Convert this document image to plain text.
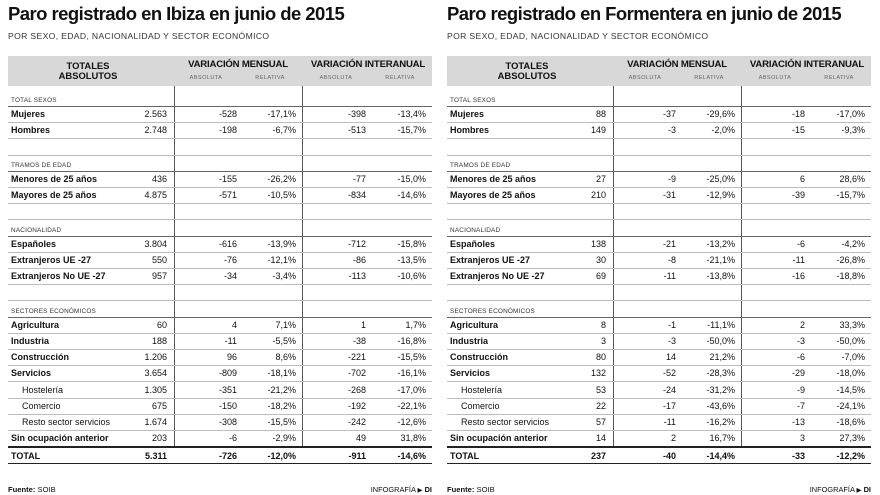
Paro registrado en Ibiza en junio de 2015
POR SEXO, EDAD, NACIONALIDAD Y SECTOR ECONÓMICO
TOTALES
ABSOLUTOS
VARIACIÓN MENSUAL
ABSOLUTA	RELATIVA
VARIACIÓN INTERANUAL
ABSOLUTA	RELATIVA
TOTAL SEXOS
Mujeres	2.563	-528	-17,1%	-398	-13,4%
Hombres	2.748	-198	-6,7%	-513	-15,7%
TRAMOS DE EDAD
Menores de 25 años	436	-155	-26,2%	-77	-15,0%
Mayores de 25 años	4.875	-571	-10,5%	-834	-14,6%
NACIONALIDAD
Españoles	3.804	-616	-13,9%	-712	-15,8%
Extranjeros UE -27	550	-76	-12,1%	-86	-13,5%
Extranjeros No UE -27	957	-34	-3,4%	-113	-10,6%
SECTORES ECONÓMICOS
Agricultura	60	4	7,1%	1	1,7%
Industria	188	-11	-5,5%	-38	-16,8%
Construcción	1.206	96	8,6%	-221	-15,5%
Servicios	3.654	-809	-18,1%	-702	-16,1%
Hostelería	1.305	-351	-21,2%	-268	-17,0%
Comercio	675	-150	-18,2%	-192	-22,1%
Resto sector servicios	1.674	-308	-15,5%	-242	-12,6%
Sin ocupación anterior	203	-6	-2,9%	49	31,8%
TOTAL	5.311	-726	-12,0%	-911	-14,6%
Fuente: SOIB	INFOGRAFÍA ▶ DI
Paro registrado en Formentera en junio de 2015
POR SEXO, EDAD, NACIONALIDAD Y SECTOR ECONÓMICO
TOTALES
ABSOLUTOS
VARIACIÓN MENSUAL
ABSOLUTA	RELATIVA
VARIACIÓN INTERANUAL
ABSOLUTA	RELATIVA
TOTAL SEXOS
Mujeres	88	-37	-29,6%	-18	-17,0%
Hombres	149	-3	-2,0%	-15	-9,3%
TRAMOS DE EDAD
Menores de 25 años	27	-9	-25,0%	6	28,6%
Mayores de 25 años	210	-31	-12,9%	-39	-15,7%
NACIONALIDAD
Españoles	138	-21	-13,2%	-6	-4,2%
Extranjeros UE -27	30	-8	-21,1%	-11	-26,8%
Extranjeros No UE -27	69	-11	-13,8%	-16	-18,8%
SECTORES ECONÓMICOS
Agricultura	8	-1	-11,1%	2	33,3%
Industria	3	-3	-50,0%	-3	-50,0%
Construcción	80	14	21,2%	-6	-7,0%
Servicios	132	-52	-28,3%	-29	-18,0%
Hostelería	53	-24	-31,2%	-9	-14,5%
Comercio	22	-17	-43,6%	-7	-24,1%
Resto sector servicios	57	-11	-16,2%	-13	-18,6%
Sin ocupación anterior	14	2	16,7%	3	27,3%
TOTAL	237	-40	-14,4%	-33	-12,2%
Fuente: SOIB	INFOGRAFÍA ▶ DI
